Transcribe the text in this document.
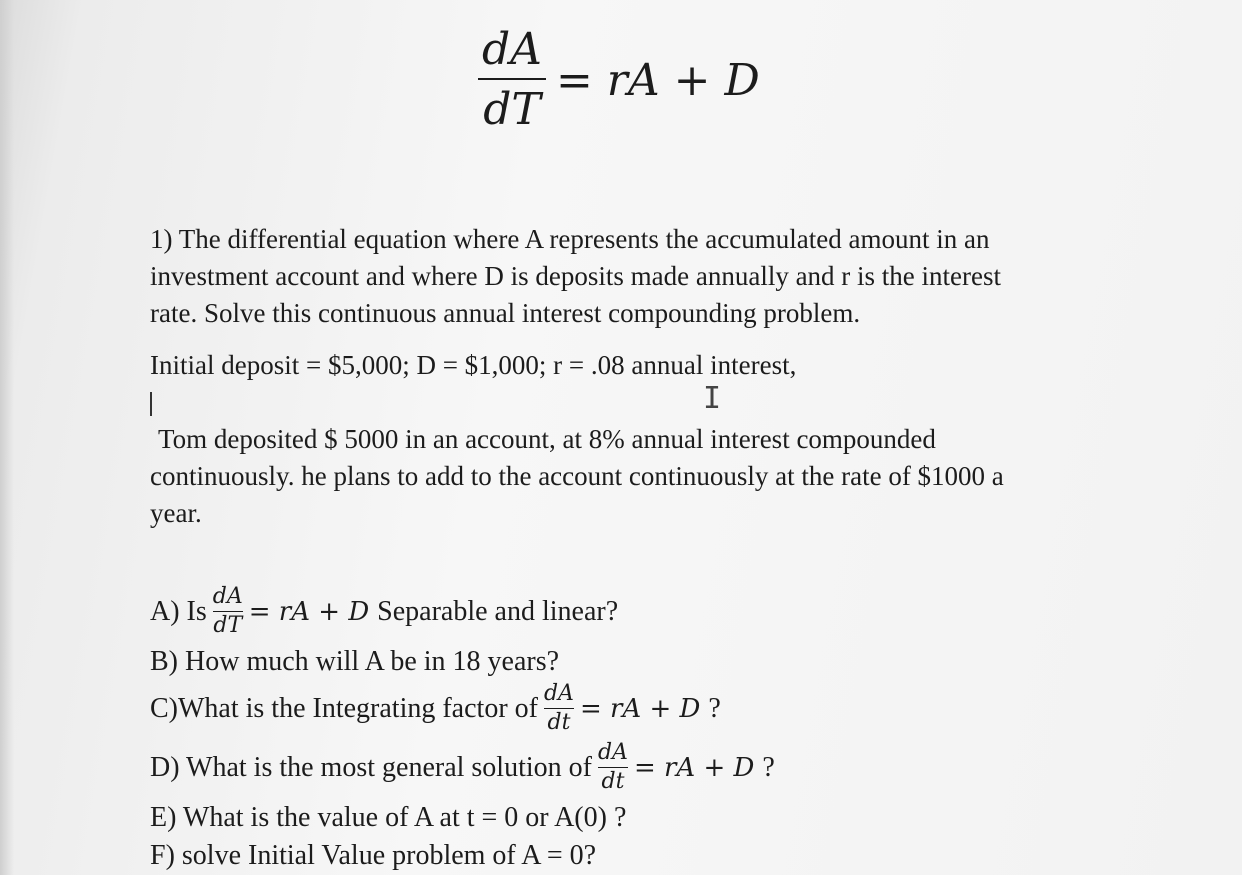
$\frac{dA}{dT}$ = rA + D
1) The differential equation where A represents the accumulated amount in an
investment account and where D is deposits made annually and r is the interest
rate. Solve this continuous annual interest compounding problem.
Initial deposit = $5,000; D = $1,000; r = .08 annual interest,
I
Tom deposited $ 5000 in an account, at 8% annual interest compounded
continuously. he plans to add to the account continuously at the rate of $1000 a
year.
A) Is $\frac{dA}{dT}$ = rA + D Separable and linear?
B) How much will A be in 18 years?
C)What is the Integrating factor of $\frac{dA}{dt}$ = rA + D ?
D) What is the most general solution of $\frac{dA}{dt}$ = rA + D ?
E) What is the value of A at t = 0 or A(0) ?
F) solve Initial Value problem of A = 0?
